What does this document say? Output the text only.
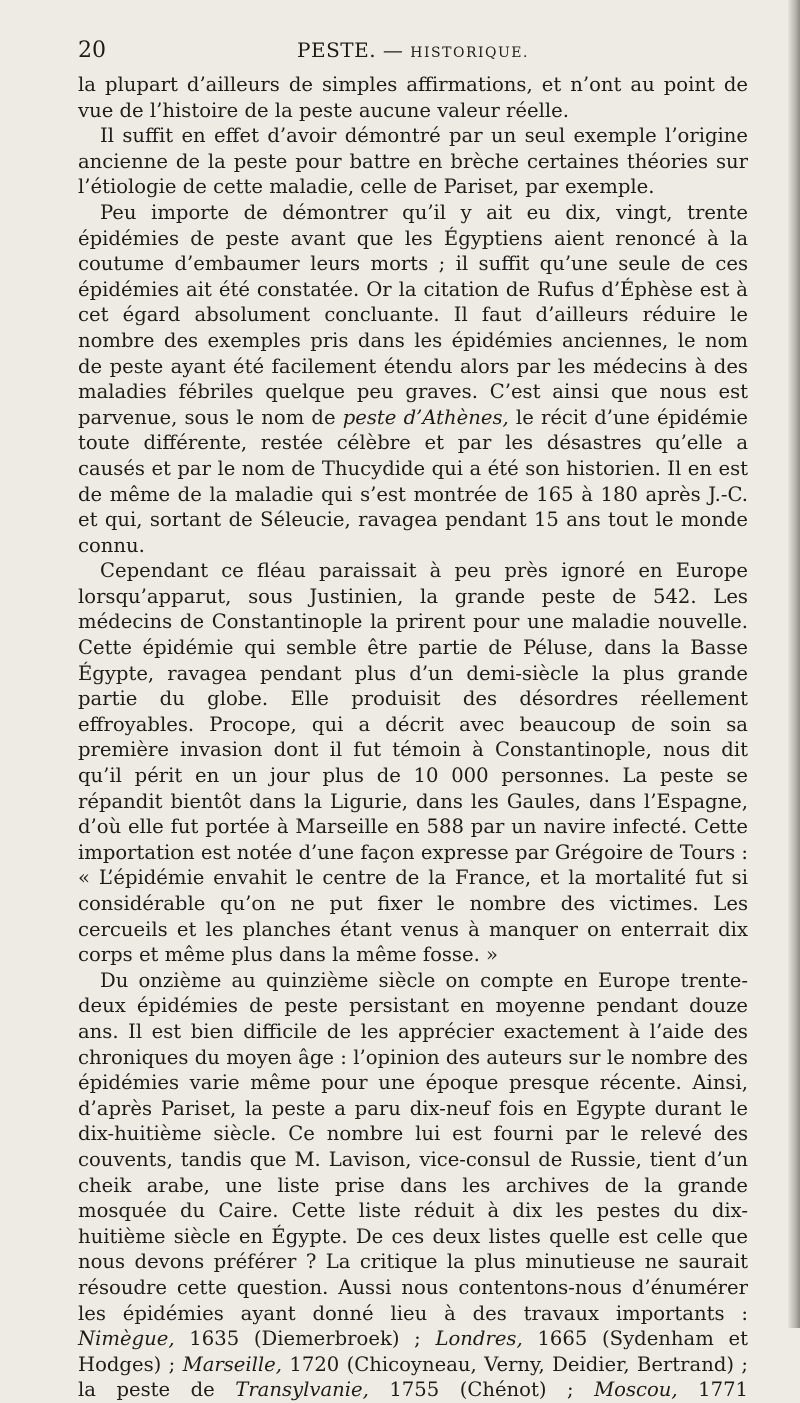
20	PESTE. — HISTORIQUE.

la plupart d’ailleurs de simples affirmations, et n’ont au point de vue de l’histoire de la peste aucune valeur réelle.

Il suffit en effet d’avoir démontré par un seul exemple l’origine ancienne de la peste pour battre en brèche certaines théories sur l’étiologie de cette maladie, celle de Pariset, par exemple.

Peu importe de démontrer qu’il y ait eu dix, vingt, trente épidémies de peste avant que les Égyptiens aient renoncé à la coutume d’embaumer leurs morts ; il suffit qu’une seule de ces épidémies ait été constatée. Or la citation de Rufus d’Éphèse est à cet égard absolument concluante. Il faut d’ailleurs réduire le nombre des exemples pris dans les épidémies anciennes, le nom de peste ayant été facilement étendu alors par les médecins à des maladies fébriles quelque peu graves. C’est ainsi que nous est parvenue, sous le nom de peste d’Athènes, le récit d’une épidémie toute différente, restée célèbre et par les désastres qu’elle a causés et par le nom de Thucydide qui a été son historien. Il en est de même de la maladie qui s’est montrée de 165 à 180 après J.-C. et qui, sortant de Séleucie, ravagea pendant 15 ans tout le monde connu.

Cependant ce fléau paraissait à peu près ignoré en Europe lorsqu’apparut, sous Justinien, la grande peste de 542. Les médecins de Constantinople la prirent pour une maladie nouvelle. Cette épidémie qui semble être partie de Péluse, dans la Basse Égypte, ravagea pendant plus d’un demi-siècle la plus grande partie du globe. Elle produisit des désordres réellement effroyables. Procope, qui a décrit avec beaucoup de soin sa première invasion dont il fut témoin à Constantinople, nous dit qu’il périt en un jour plus de 10 000 personnes. La peste se répandit bientôt dans la Ligurie, dans les Gaules, dans l’Espagne, d’où elle fut portée à Marseille en 588 par un navire infecté. Cette importation est notée d’une façon expresse par Grégoire de Tours : « L’épidémie envahit le centre de la France, et la mortalité fut si considérable qu’on ne put fixer le nombre des victimes. Les cercueils et les planches étant venus à manquer on enterrait dix corps et même plus dans la même fosse. »

Du onzième au quinzième siècle on compte en Europe trente-deux épidémies de peste persistant en moyenne pendant douze ans. Il est bien difficile de les apprécier exactement à l’aide des chroniques du moyen âge : l’opinion des auteurs sur le nombre des épidémies varie même pour une époque presque récente. Ainsi, d’après Pariset, la peste a paru dix-neuf fois en Egypte durant le dix-huitième siècle. Ce nombre lui est fourni par le relevé des couvents, tandis que M. Lavison, vice-consul de Russie, tient d’un cheik arabe, une liste prise dans les archives de la grande mosquée du Caire. Cette liste réduit à dix les pestes du dix-huitième siècle en Égypte. De ces deux listes quelle est celle que nous devons préférer ? La critique la plus minutieuse ne saurait résoudre cette question. Aussi nous contentons-nous d’énumérer les épidémies ayant donné lieu à des travaux importants : Nimègue, 1635 (Diemerbroek) ; Londres, 1665 (Sydenham et Hodges) ; Marseille, 1720 (Chicoyneau, Verny, Deidier, Bertrand) ; la peste de Transylvanie, 1755 (Chénot) ; Moscou, 1771
